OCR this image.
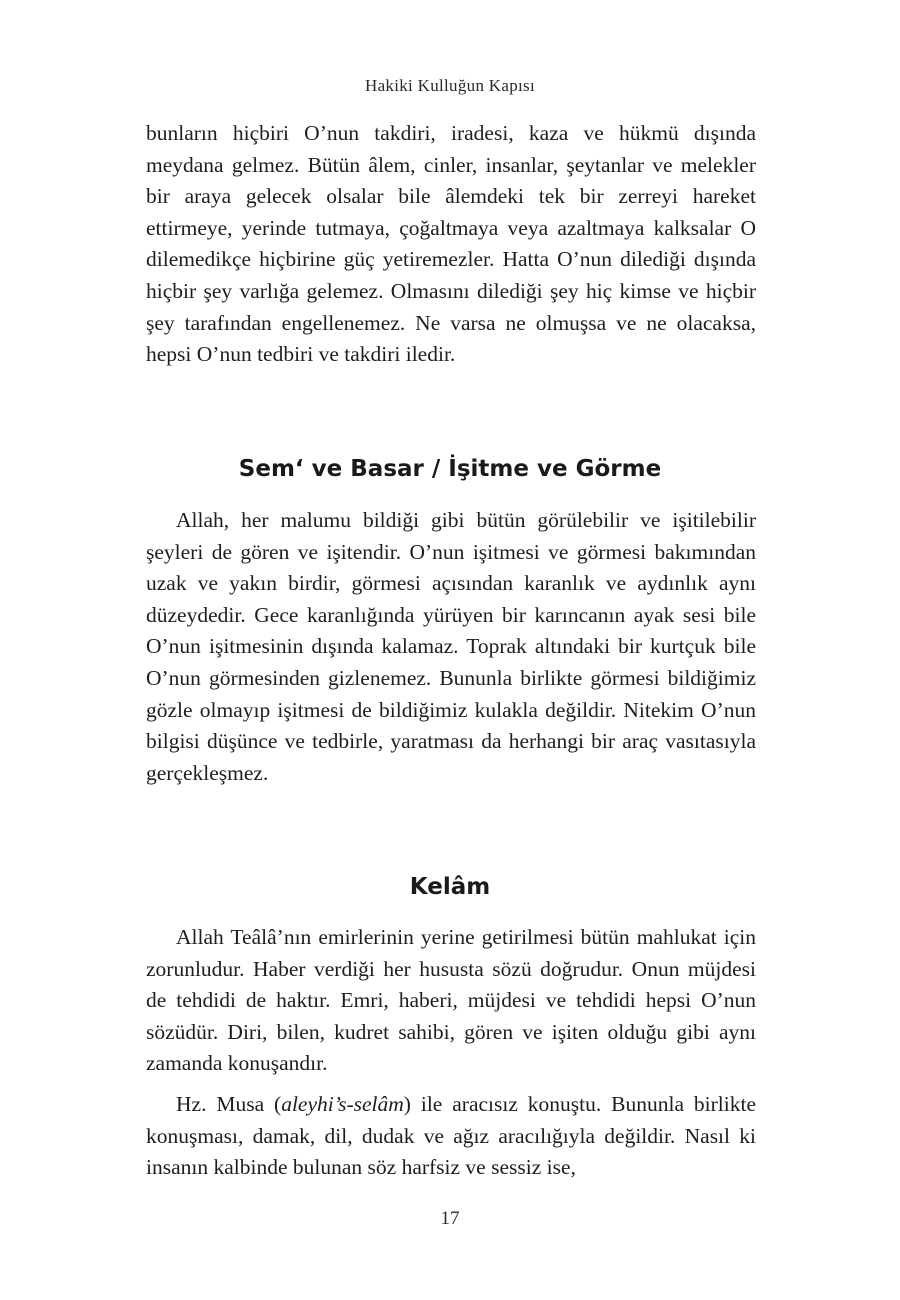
Hakiki Kulluğun Kapısı

bunların hiçbiri O’nun takdiri, iradesi, kaza ve hükmü dışında meydana gelmez. Bütün âlem, cinler, insanlar, şeytanlar ve melekler bir araya gelecek olsalar bile âlemdeki tek bir zerreyi hareket ettirmeye, yerinde tutmaya, çoğaltmaya veya azaltmaya kalksalar O dilemedikçe hiçbirine güç yetiremezler. Hatta O’nun dilediği dışında hiçbir şey varlığa gelemez. Olmasını dilediği şey hiç kimse ve hiçbir şey tarafından engellenemez. Ne varsa ne olmuşsa ve ne olacaksa, hepsi O’nun tedbiri ve takdiri iledir.

Sem‘ ve Basar / İşitme ve Görme

Allah, her malumu bildiği gibi bütün görülebilir ve işitilebilir şeyleri de gören ve işitendir. O’nun işitmesi ve görmesi bakımından uzak ve yakın birdir, görmesi açısından karanlık ve aydınlık aynı düzeydedir. Gece karanlığında yürüyen bir karıncanın ayak sesi bile O’nun işitmesinin dışında kalamaz. Toprak altındaki bir kurtçuk bile O’nun görmesinden gizlenemez. Bununla birlikte görmesi bildiğimiz gözle olmayıp işitmesi de bildiğimiz kulakla değildir. Nitekim O’nun bilgisi düşünce ve tedbirle, yaratması da herhangi bir araç vasıtasıyla gerçekleşmez.

Kelâm

Allah Teâlâ’nın emirlerinin yerine getirilmesi bütün mahlukat için zorunludur. Haber verdiği her hususta sözü doğrudur. Onun müjdesi de tehdidi de haktır. Emri, haberi, müjdesi ve tehdidi hepsi O’nun sözüdür. Diri, bilen, kudret sahibi, gören ve işiten olduğu gibi aynı zamanda konuşandır.

Hz. Musa (aleyhi’s-selâm) ile aracısız konuştu. Bununla birlikte konuşması, damak, dil, dudak ve ağız aracılığıyla değildir. Nasıl ki insanın kalbinde bulunan söz harfsiz ve sessiz ise,

17
